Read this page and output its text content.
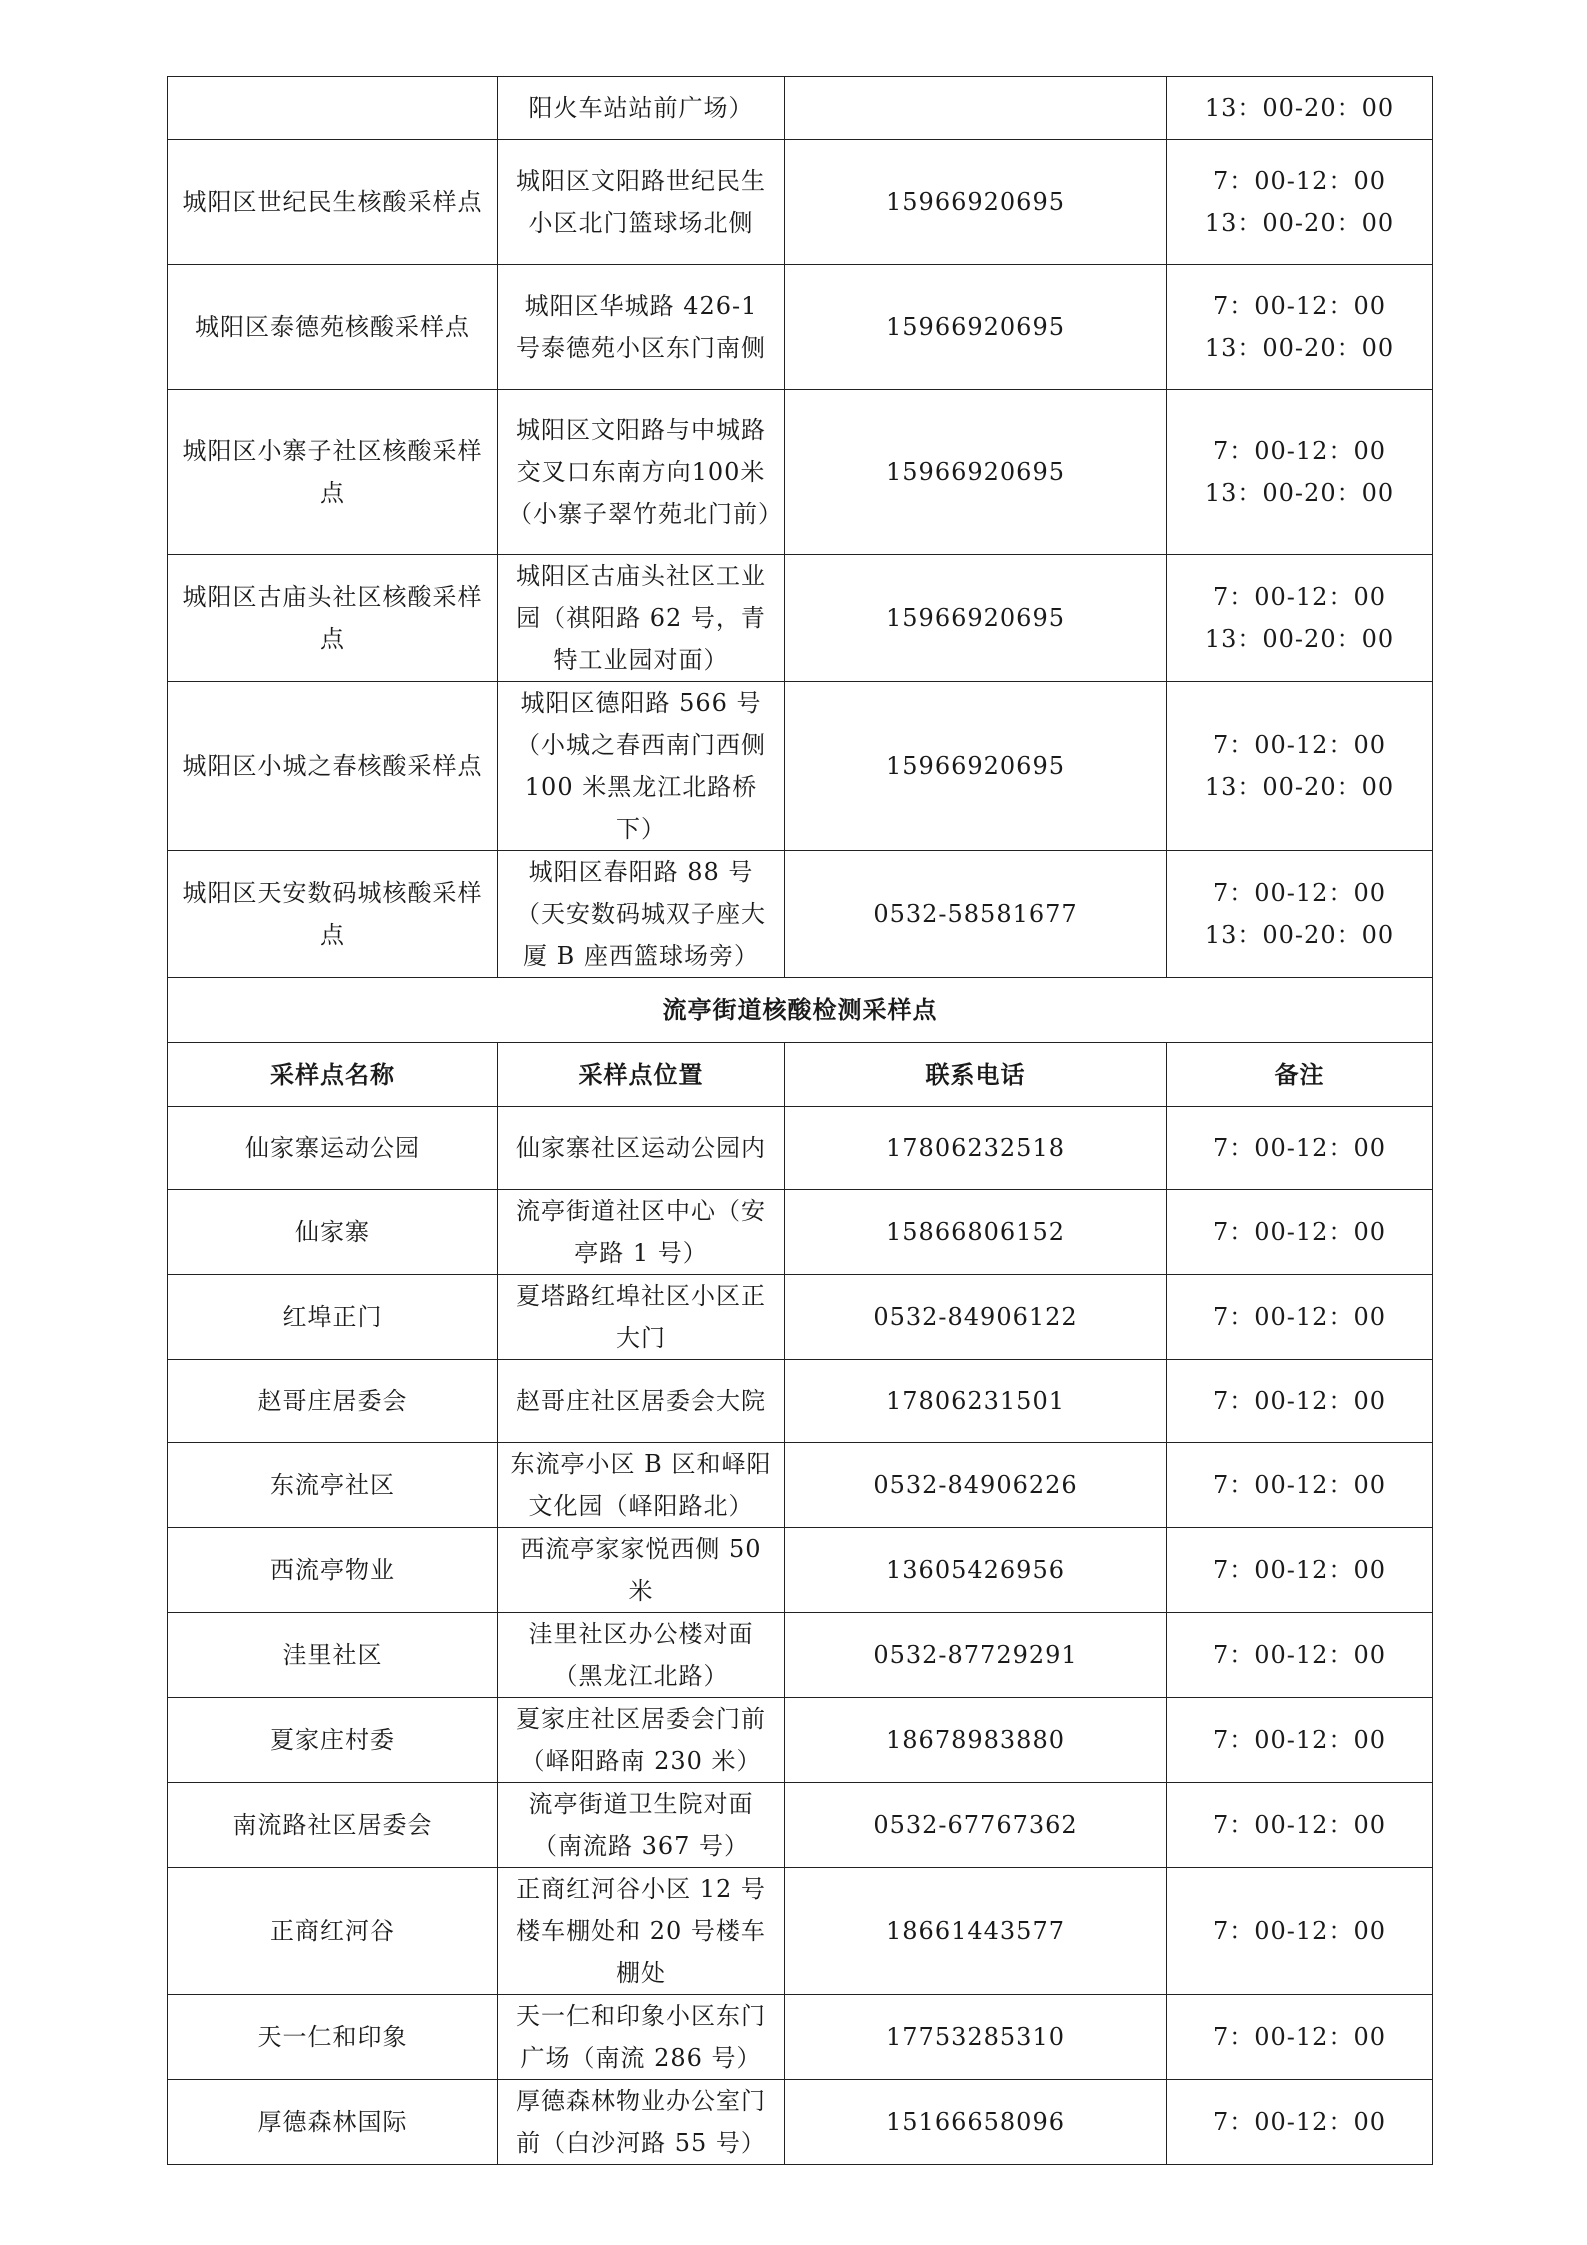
	阳火车站站前广场）		13：00-20：00

城阳区世纪民生核酸采样点	城阳区文阳路世纪民生小区北门篮球场北侧	15966920695	7：00-12：00
13：00-20：00

城阳区泰德苑核酸采样点	城阳区华城路 426-1 号泰德苑小区东门南侧	15966920695	7：00-12：00
13：00-20：00

城阳区小寨子社区核酸采样点	城阳区文阳路与中城路交叉口东南方向100米（小寨子翠竹苑北门前）	15966920695	7：00-12：00
13：00-20：00

城阳区古庙头社区核酸采样点	城阳区古庙头社区工业园（祺阳路 62 号，青特工业园对面）	15966920695	7：00-12：00
13：00-20：00

城阳区小城之春核酸采样点	城阳区德阳路 566 号（小城之春西南门西侧 100 米黑龙江北路桥下）	15966920695	7：00-12：00
13：00-20：00

城阳区天安数码城核酸采样点	城阳区春阳路 88 号（天安数码城双子座大厦 B 座西篮球场旁）	0532-58581677	7：00-12：00
13：00-20：00

流亭街道核酸检测采样点			
采样点名称	采样点位置	联系电话	备注
仙家寨运动公园	仙家寨社区运动公园内	17806232518	7：00-12：00
仙家寨	流亭街道社区中心（安亭路 1 号）	15866806152	7：00-12：00
红埠正门	夏塔路红埠社区小区正大门	0532-84906122	7：00-12：00
赵哥庄居委会	赵哥庄社区居委会大院	17806231501	7：00-12：00
东流亭社区	东流亭小区 B 区和峄阳文化园（峄阳路北）	0532-84906226	7：00-12：00
西流亭物业	西流亭家家悦西侧 50 米	13605426956	7：00-12：00
洼里社区	洼里社区办公楼对面（黑龙江北路）	0532-87729291	7：00-12：00
夏家庄村委	夏家庄社区居委会门前（峄阳路南 230 米）	18678983880	7：00-12：00
南流路社区居委会	流亭街道卫生院对面（南流路 367 号）	0532-67767362	7：00-12：00
正商红河谷	正商红河谷小区 12 号楼车棚处和 20 号楼车棚处	18661443577	7：00-12：00
天一仁和印象	天一仁和印象小区东门广场（南流 286 号）	17753285310	7：00-12：00
厚德森林国际	厚德森林物业办公室门前（白沙河路 55 号）	15166658096	7：00-12：00
